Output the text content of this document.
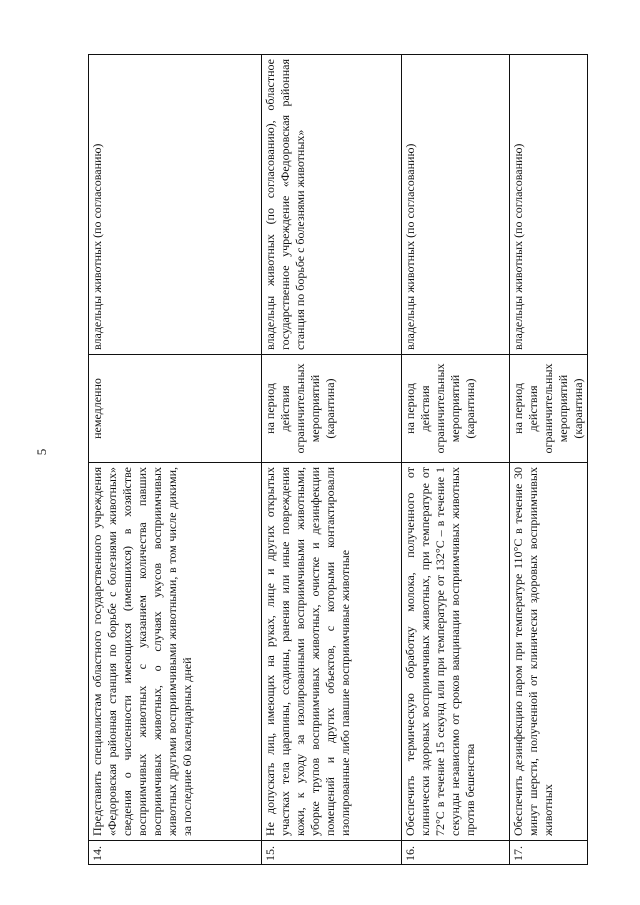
5
14.	Представить специалистам областного государственного учреждения «Федоровская районная станция по борьбе с болезнями животных» сведения о численности имеющихся (имевшихся) в хозяйстве восприимчивых животных с указанием количества павших восприимчивых животных, о случаях укусов восприимчивых животных другими восприимчивыми животными, в том числе дикими, за последние 60 календарных дней	немедленно	владельцы животных (по согласованию)
15.	Не допускать лиц, имеющих на руках, лице и других открытых участках тела царапины, ссадины, ранения или иные повреждения кожи, к уходу за изолированными восприимчивыми животными, уборке трупов восприимчивых животных, очистке и дезинфекции помещений и других объектов, с которыми контактировали изолированные либо павшие восприимчивые животные	на период действия ограничительных мероприятий (карантина)	владельцы животных (по согласованию), областное государственное учреждение «Федоровская районная станция по борьбе с болезнями животных»
16.	Обеспечить термическую обработку молока, полученного от клинически здоровых восприимчивых животных, при температуре от 72°С в течение 15 секунд или при температуре от 132°С – в течение 1 секунды независимо от сроков вакцинации восприимчивых животных против бешенства	на период действия ограничительных мероприятий (карантина)	владельцы животных (по согласованию)
17.	Обеспечить дезинфекцию паром при температуре 110°С в течение 30 минут шерсти, полученной от клинически здоровых восприимчивых животных	на период действия ограничительных мероприятий (карантина)	владельцы животных (по согласованию)
